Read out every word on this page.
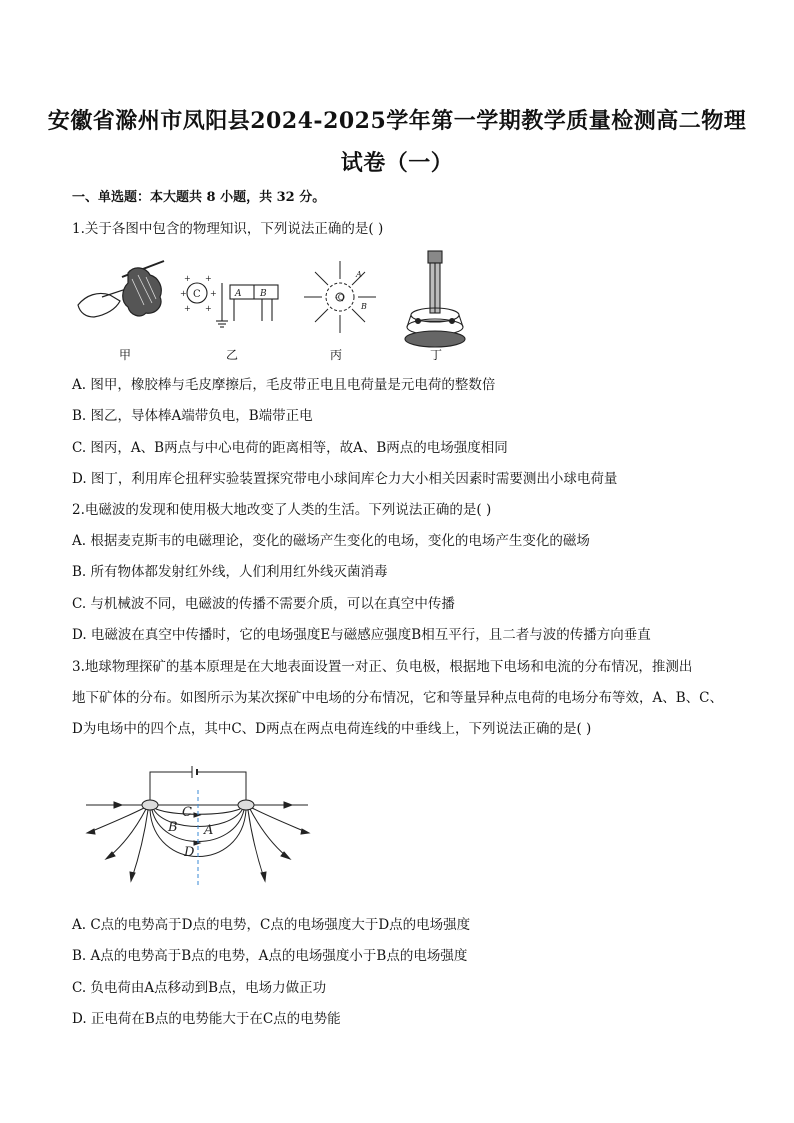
安徽省滁州市凤阳县2024-2025学年第一学期教学质量检测高二物理
试卷（一）
一、单选题：本大题共 8 小题，共 32 分。
1.关于各图中包含的物理知识，下列说法正确的是( )
C
+ +
+	+
+ +
A B	-Q
A
B
甲	乙	丙	丁
A. 图甲，橡胶棒与毛皮摩擦后，毛皮带正电且电荷量是元电荷的整数倍
B. 图乙，导体棒A端带负电，B端带正电
C. 图丙，A、B两点与中心电荷的距离相等，故A、B两点的电场强度相同
D. 图丁，利用库仑扭秤实验装置探究带电小球间库仑力大小相关因素时需要测出小球电荷量
2.电磁波的发现和使用极大地改变了人类的生活。下列说法正确的是( )
A. 根据麦克斯韦的电磁理论，变化的磁场产生变化的电场，变化的电场产生变化的磁场
B. 所有物体都发射红外线，人们利用红外线灭菌消毒
C. 与机械波不同，电磁波的传播不需要介质，可以在真空中传播
D. 电磁波在真空中传播时，它的电场强度E与磁感应强度B相互平行，且二者与波的传播方向垂直
3.地球物理探矿的基本原理是在大地表面设置一对正、负电极，根据地下电场和电流的分布情况，推测出
地下矿体的分布。如图所示为某次探矿中电场的分布情况，它和等量异种点电荷的电场分布等效，A、B、C、
D为电场中的四个点，其中C、D两点在两点电荷连线的中垂线上，下列说法正确的是( )
C
B A
D
A. C点的电势高于D点的电势，C点的电场强度大于D点的电场强度
B. A点的电势高于B点的电势，A点的电场强度小于B点的电场强度
C. 负电荷由A点移动到B点，电场力做正功
D. 正电荷在B点的电势能大于在C点的电势能
